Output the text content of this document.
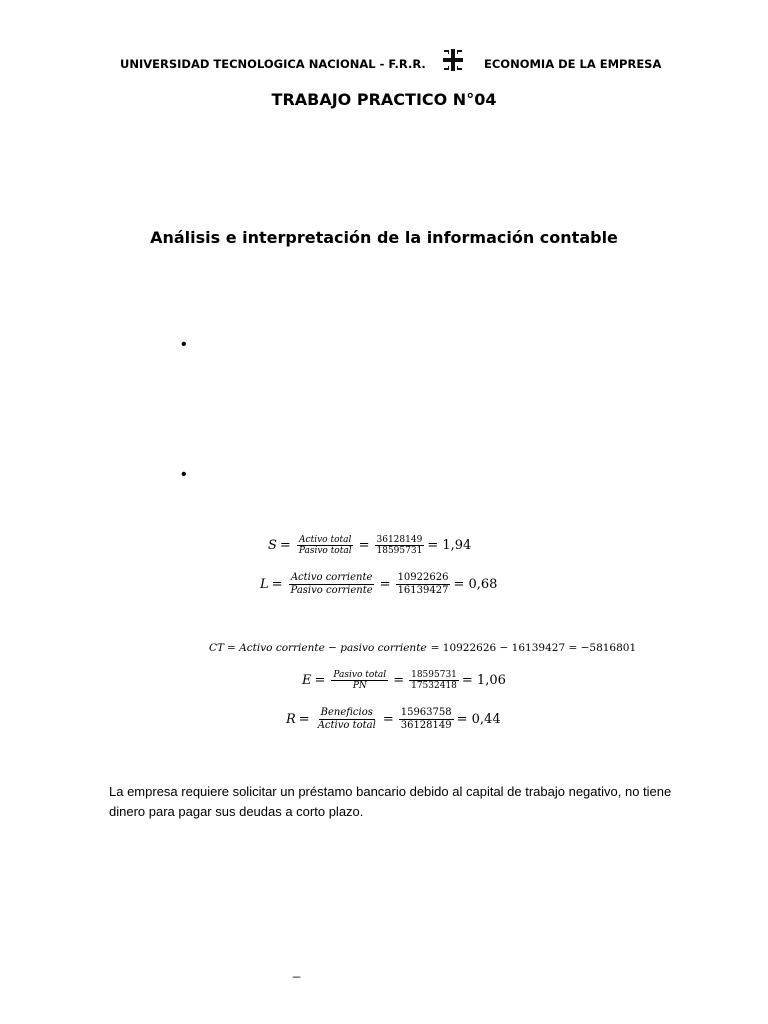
UNIVERSIDAD TECNOLOGICA NACIONAL - F.R.R.	ECONOMIA DE LA EMPRESA
TRABAJO PRACTICO N°04
Análisis e interpretación de la información contable
•
•
$S = \frac{\text{Activo total}}{\text{Pasivo total}} = \frac{36128149}{18595731} = 1,94$
$L = \frac{\text{Activo corriente}}{\text{Pasivo corriente}} = \frac{10922626}{16139427} = 0,68$
CT = Activo corriente − pasivo corriente = 10922626 − 16139427 = −5816801
$E = \frac{\text{Pasivo total}}{PN} = \frac{18595731}{17532418} = 1,06$
$R = \frac{\text{Beneficios}}{\text{Activo total}} = \frac{15963758}{36128149} = 0,44$
La empresa requiere solicitar un préstamo bancario debido al capital de trabajo negativo, no tiene dinero para pagar sus deudas a corto plazo.
_
